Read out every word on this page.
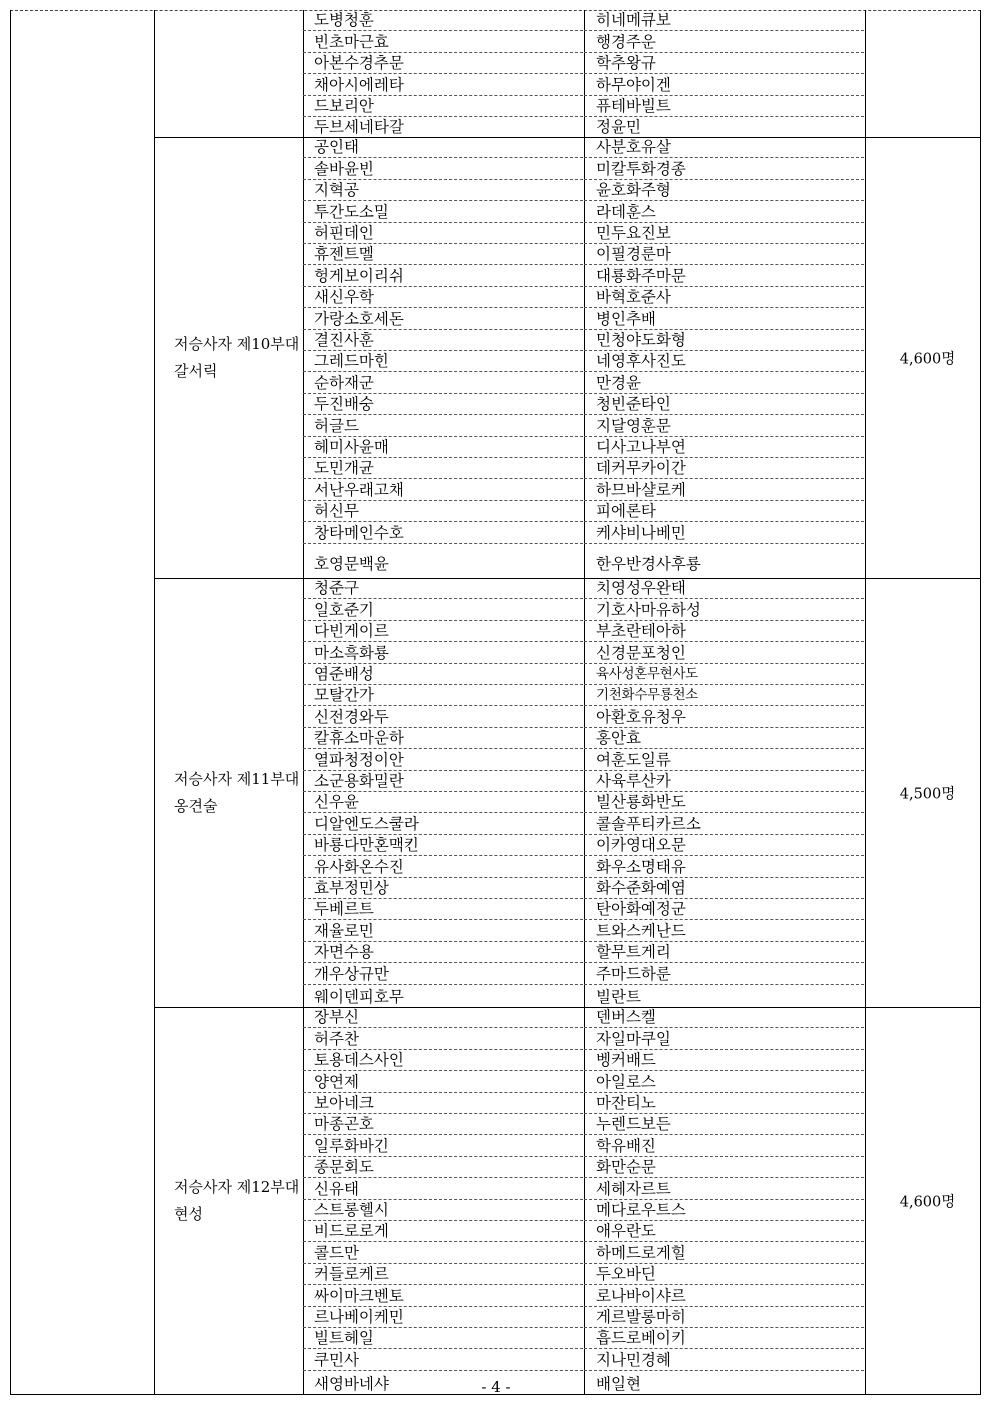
도병청훈
빈초마근효
아본수경추문
채아시에레타
드보리안
두브세네타갈
히네메큐보
행경주운
학추왕규
하무야이겐
퓨테바빌트
정윤민
저승사자 제10부대
갈서릭
4,600명
공인태
솔바윤빈
지혁공
투간도소밀
허핀데인
휴젠트멜
헝게보이리쉬
새신우학
가랑소호세돈
결진사훈
그레드마힌
순하재군
두진배숭
허글드
헤미사윤매
도민개균
서난우래고채
허신무
창타메인수호
호영문백윤
사분호유살
미칼투화경종
윤호화주형
라데훈스
민두요진보
이필경룬마
대룡화주마문
바혁호준사
병인추배
민청야도화형
네영후사진도
만경윤
청빈준타인
지달영훈문
디사고나부연
데커무카이간
하므바샬로케
피에론타
케샤비나베민
한우반경사후룡
저승사자 제11부대
옹견술
4,500명
청준구
일호준기
다빈게이르
마소흑화룡
염준배성
모탈간가
신전경와두
칼휴소마운하
열파청정이안
소군용화밀란
신우윤
디알엔도스쿨라
바룡다만혼맥킨
유사화온수진
효부정민상
두베르트
재율로민
자면수용
개우상규만
웨이덴피호무
치영성우완태
기호사마유하성
부초란테아하
신경문포청인
육사성혼무현사도
기천화수무룡천소
아환호유청우
홍안효
여훈도일류
사육루산카
빌산룡화반도
콜솔푸티카르소
이카영대오문
화우소명태유
화수준화예염
탄아화예정군
트와스케난드
할무트게리
주마드하룬
빌란트
저승사자 제12부대
현성
4,600명
장부신
허주찬
토용데스사인
양연제
보아네크
마종곤호
일루화바긴
종문회도
신유태
스트롱헬시
비드로로게
콜드만
커들로케르
싸이마크벤토
르나베이케민
빌트헤일
쿠민사
새영바네샤
덴버스켈
자일마쿠일
벵커배드
아일로스
마잔티노
누렌드보든
학유배진
화만순문
세헤자르트
메다로우트스
애우란도
하메드로게힐
두오바딘
로나바이샤르
게르발롱마히
흡드로베이키
지나민경혜
배일현
- 4 -
